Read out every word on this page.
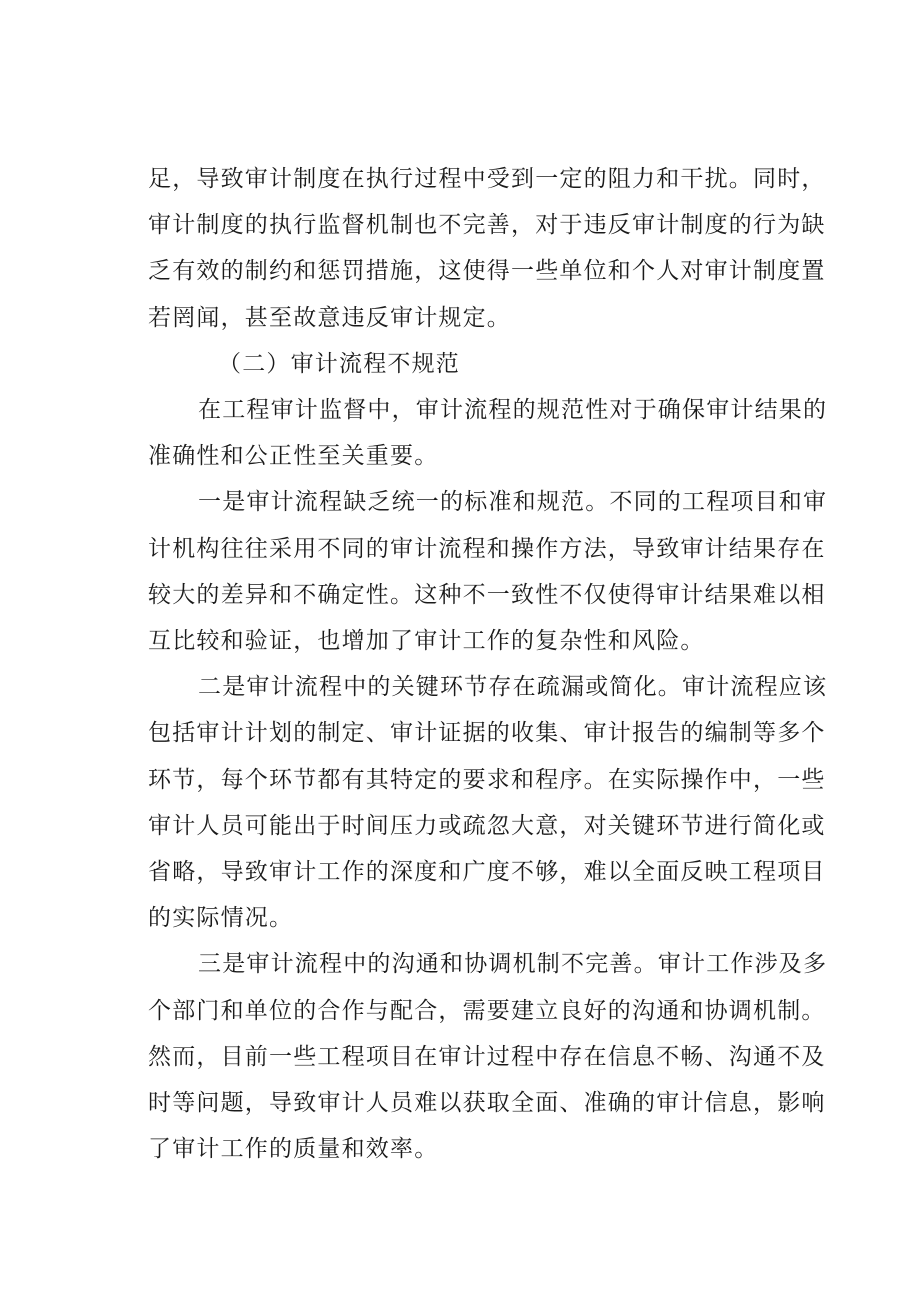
足，导致审计制度在执行过程中受到一定的阻力和干扰。同时，
审计制度的执行监督机制也不完善，对于违反审计制度的行为缺
乏有效的制约和惩罚措施，这使得一些单位和个人对审计制度置
若罔闻，甚至故意违反审计规定。

（二）审计流程不规范

在工程审计监督中，审计流程的规范性对于确保审计结果的
准确性和公正性至关重要。

一是审计流程缺乏统一的标准和规范。不同的工程项目和审
计机构往往采用不同的审计流程和操作方法，导致审计结果存在
较大的差异和不确定性。这种不一致性不仅使得审计结果难以相
互比较和验证，也增加了审计工作的复杂性和风险。

二是审计流程中的关键环节存在疏漏或简化。审计流程应该
包括审计计划的制定、审计证据的收集、审计报告的编制等多个
环节，每个环节都有其特定的要求和程序。在实际操作中，一些
审计人员可能出于时间压力或疏忽大意，对关键环节进行简化或
省略，导致审计工作的深度和广度不够，难以全面反映工程项目
的实际情况。

三是审计流程中的沟通和协调机制不完善。审计工作涉及多
个部门和单位的合作与配合，需要建立良好的沟通和协调机制。
然而，目前一些工程项目在审计过程中存在信息不畅、沟通不及
时等问题，导致审计人员难以获取全面、准确的审计信息，影响
了审计工作的质量和效率。
